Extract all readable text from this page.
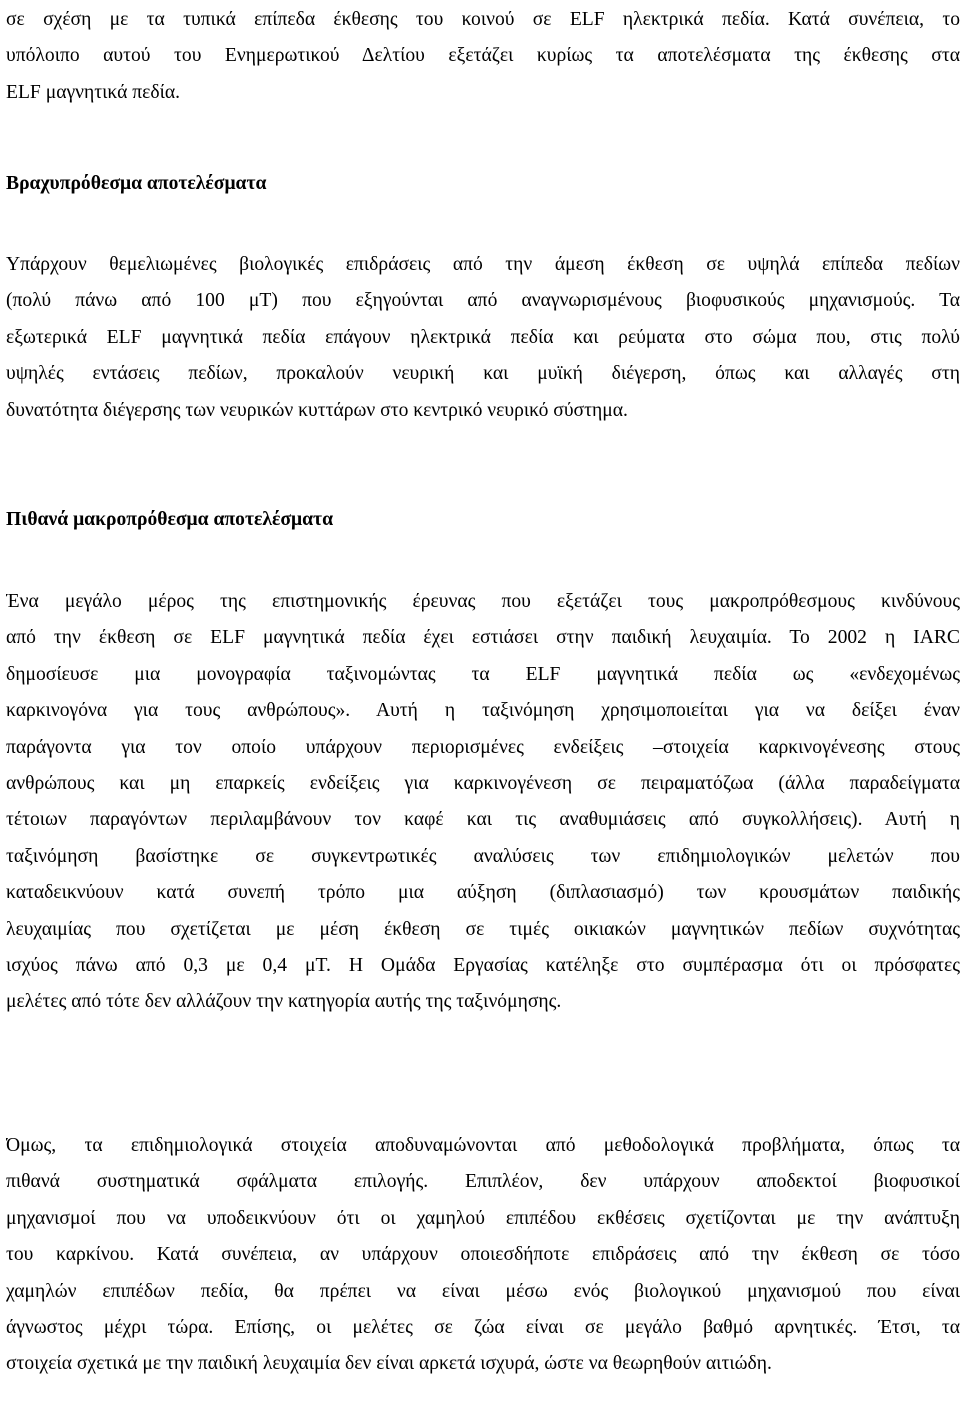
σε σχέση με τα τυπικά επίπεδα έκθεσης του κοινού σε ELF ηλεκτρικά πεδία. Κατά συνέπεια, το
υπόλοιπο αυτού του Ενημερωτικού Δελτίου εξετάζει κυρίως τα αποτελέσματα της έκθεσης στα
ELF μαγνητικά πεδία.
Βραχυπρόθεσμα αποτελέσματα
Υπάρχουν θεμελιωμένες βιολογικές επιδράσεις από την άμεση έκθεση σε υψηλά επίπεδα πεδίων
(πολύ πάνω από 100 μT) που εξηγούνται από αναγνωρισμένους βιοφυσικούς μηχανισμούς. Τα
εξωτερικά ELF μαγνητικά πεδία επάγουν ηλεκτρικά πεδία και ρεύματα στο σώμα που, στις πολύ
υψηλές εντάσεις πεδίων, προκαλούν νευρική και μυϊκή διέγερση, όπως και αλλαγές στη
δυνατότητα διέγερσης των νευρικών κυττάρων στο κεντρικό νευρικό σύστημα.
Πιθανά μακροπρόθεσμα αποτελέσματα
Ένα μεγάλο μέρος της επιστημονικής έρευνας που εξετάζει τους μακροπρόθεσμους κινδύνους
από την έκθεση σε ELF μαγνητικά πεδία έχει εστιάσει στην παιδική λευχαιμία. Το 2002 η IARC
δημοσίευσε μια μονογραφία ταξινομώντας τα ELF μαγνητικά πεδία ως «ενδεχομένως
καρκινογόνα για τους ανθρώπους». Αυτή η ταξινόμηση χρησιμοποιείται για να δείξει έναν
παράγοντα για τον οποίο υπάρχουν περιορισμένες ενδείξεις –στοιχεία καρκινογένεσης στους
ανθρώπους και μη επαρκείς ενδείξεις για καρκινογένεση σε πειραματόζωα (άλλα παραδείγματα
τέτοιων παραγόντων περιλαμβάνουν τον καφέ και τις αναθυμιάσεις από συγκολλήσεις). Αυτή η
ταξινόμηση βασίστηκε σε συγκεντρωτικές αναλύσεις των επιδημιολογικών μελετών που
καταδεικνύουν κατά συνεπή τρόπο μια αύξηση (διπλασιασμό) των κρουσμάτων παιδικής
λευχαιμίας που σχετίζεται με μέση έκθεση σε τιμές οικιακών μαγνητικών πεδίων συχνότητας
ισχύος πάνω από 0,3 με 0,4 μT. Η Ομάδα Εργασίας κατέληξε στο συμπέρασμα ότι οι πρόσφατες
μελέτες από τότε δεν αλλάζουν την κατηγορία αυτής της ταξινόμησης.
Όμως, τα επιδημιολογικά στοιχεία αποδυναμώνονται από μεθοδολογικά προβλήματα, όπως τα
πιθανά συστηματικά σφάλματα επιλογής. Επιπλέον, δεν υπάρχουν αποδεκτοί βιοφυσικοί
μηχανισμοί που να υποδεικνύουν ότι οι χαμηλού επιπέδου εκθέσεις σχετίζονται με την ανάπτυξη
του καρκίνου. Κατά συνέπεια, αν υπάρχουν οποιεσδήποτε επιδράσεις από την έκθεση σε τόσο
χαμηλών επιπέδων πεδία, θα πρέπει να είναι μέσω ενός βιολογικού μηχανισμού που είναι
άγνωστος μέχρι τώρα. Επίσης, οι μελέτες σε ζώα είναι σε μεγάλο βαθμό αρνητικές. Έτσι, τα
στοιχεία σχετικά με την παιδική λευχαιμία δεν είναι αρκετά ισχυρά, ώστε να θεωρηθούν αιτιώδη.
